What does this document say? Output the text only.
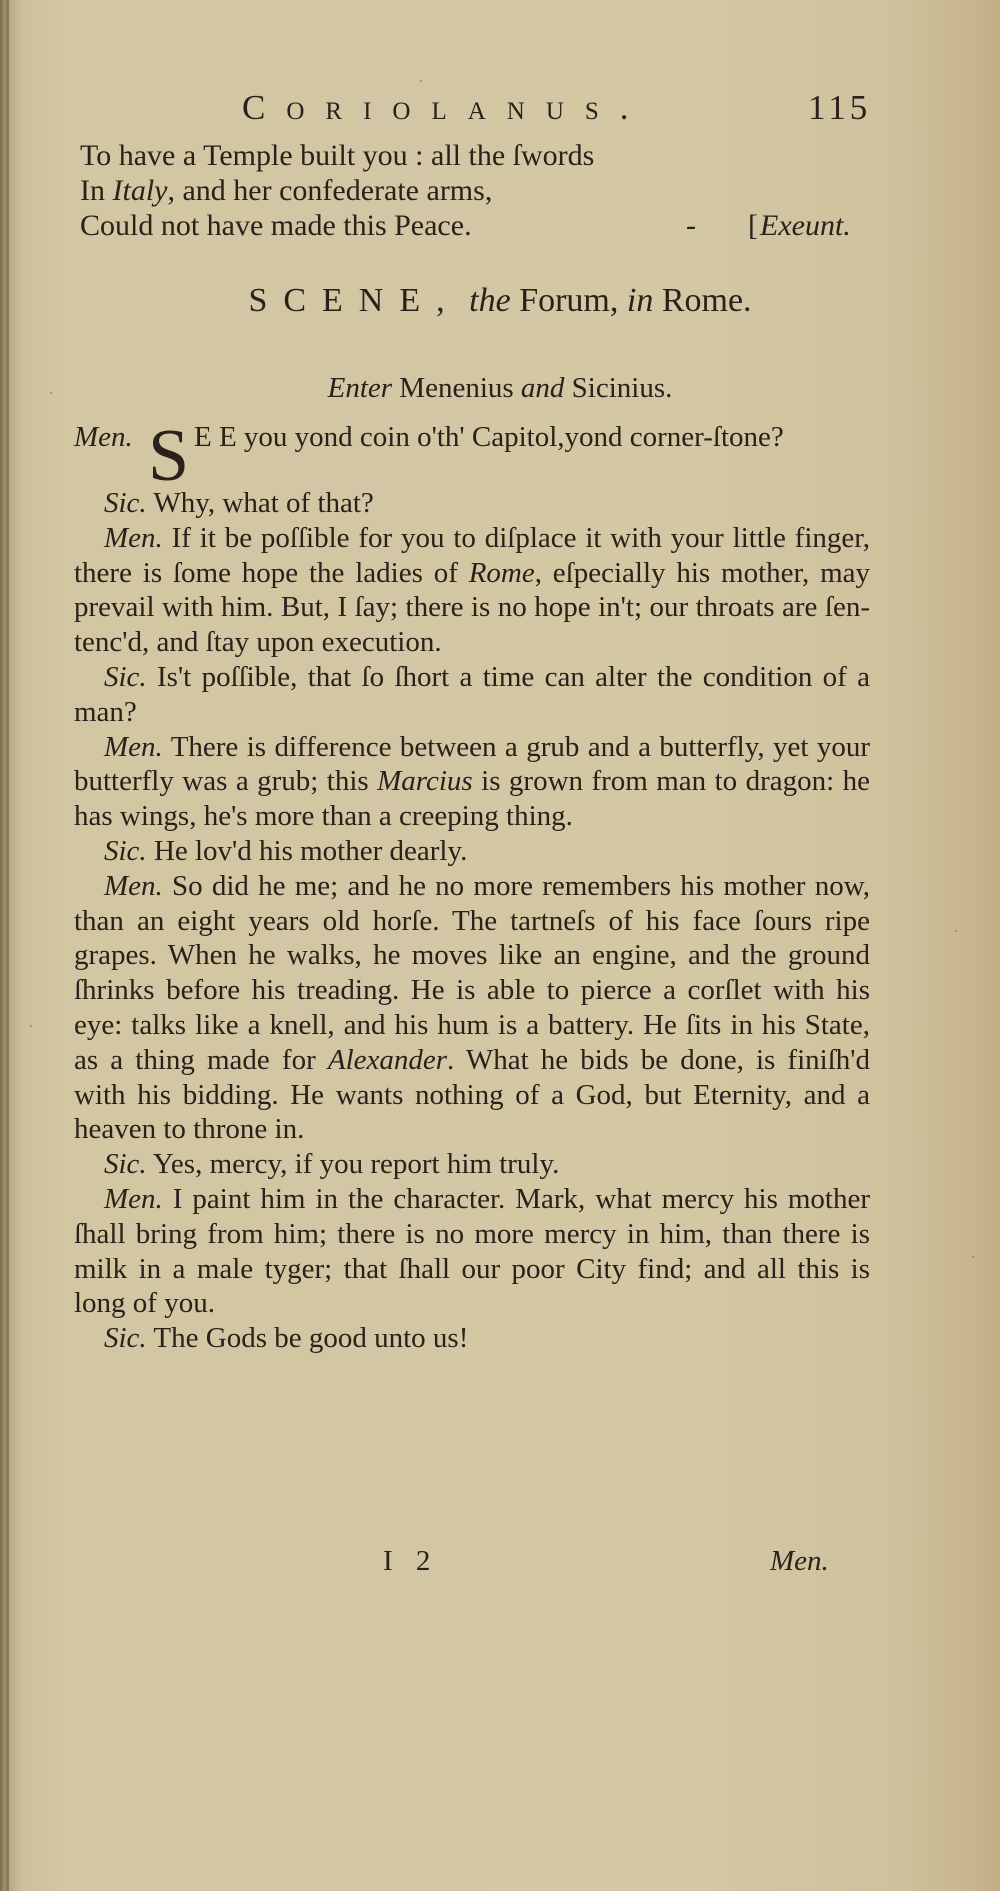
Coriolanus.	115
To have a Temple built you : all the ſwords
In Italy, and her confederate arms,
Could not have made this Peace.	-	[ Exeunt.
SCENE, the Forum, in Rome.
Enter Menenius and Sicinius.
Men. S E E you yond coin o'th' Capitol,yond corner-ſtone?

Sic. Why, what of that?

Men. If it be poſſible for you to diſplace it with your little finger, there is ſome hope the ladies of Rome, eſpecially his mother, may prevail with him. But, I ſay; there is no hope in't; our throats are ſentenc'd, and ſtay upon execution.

Sic. Is't poſſible, that ſo ſhort a time can alter the condition of a man?

Men. There is difference between a grub and a butterfly, yet your butterfly was a grub; this Marcius is grown from man to dragon: he has wings, he's more than a creeping thing.

Sic. He lov'd his mother dearly.

Men. So did he me; and he no more remembers his mother now, than an eight years old horſe. The tartneſs of his face ſours ripe grapes. When he walks, he moves like an engine, and the ground ſhrinks before his treading. He is able to pierce a corſlet with his eye: talks like a knell, and his hum is a battery. He ſits in his State, as a thing made for Alexander. What he bids be done, is finiſh'd with his bidding. He wants nothing of a God, but Eternity, and a heaven to throne in.

Sic. Yes, mercy, if you report him truly.

Men. I paint him in the character. Mark, what mercy his mother ſhall bring from him; there is no more mercy in him, than there is milk in a male tyger; that ſhall our poor City find; and all this is long of you.

Sic. The Gods be good unto us!

I 2	Men.
